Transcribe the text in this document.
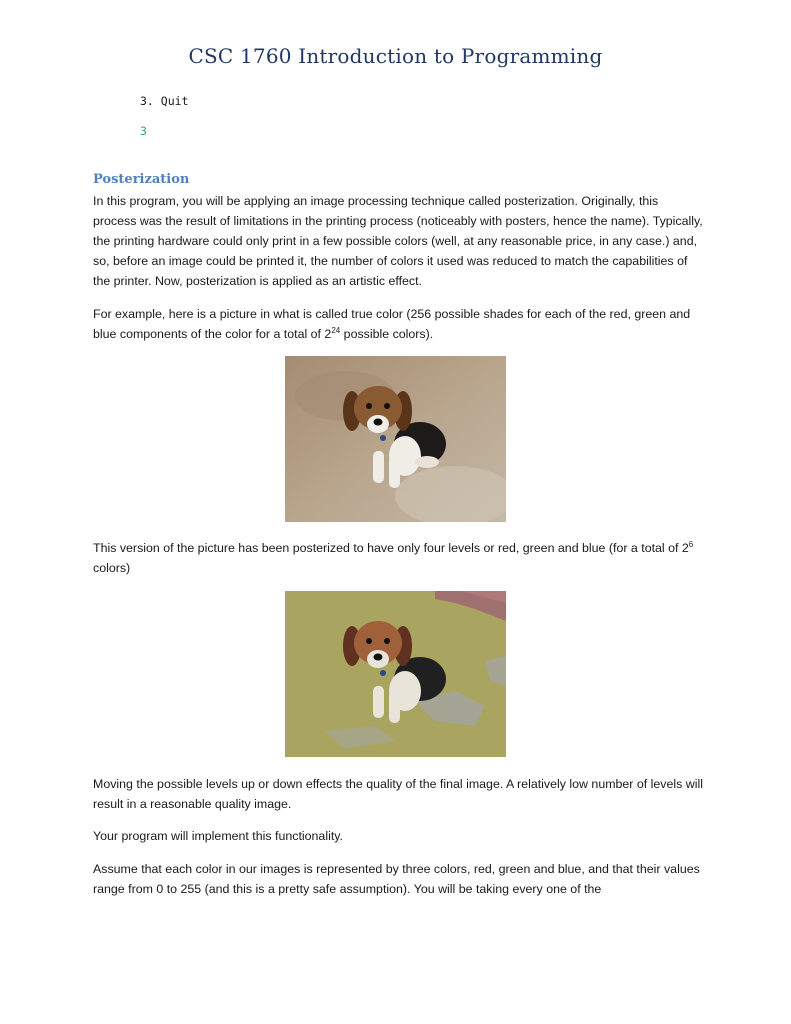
CSC 1760 Introduction to Programming
3. Quit
3
Posterization

In this program, you will be applying an image processing technique called posterization. Originally, this process was the result of limitations in the printing process (noticeably with posters, hence the name). Typically, the printing hardware could only print in a few possible colors (well, at any reasonable price, in any case.) and, so, before an image could be printed it, the number of colors it used was reduced to match the capabilities of the printer. Now, posterization is applied as an artistic effect.

For example, here is a picture in what is called true color (256 possible shades for each of the red, green and blue components of the color for a total of $2^{24}$ possible colors).

This version of the picture has been posterized to have only four levels or red, green and blue (for a total of $2^6$ colors)

Moving the possible levels up or down effects the quality of the final image. A relatively low number of levels will result in a reasonable quality image.

Your program will implement this functionality.

Assume that each color in our images is represented by three colors, red, green and blue, and that their values range from 0 to 255 (and this is a pretty safe assumption). You will be taking every one of the
